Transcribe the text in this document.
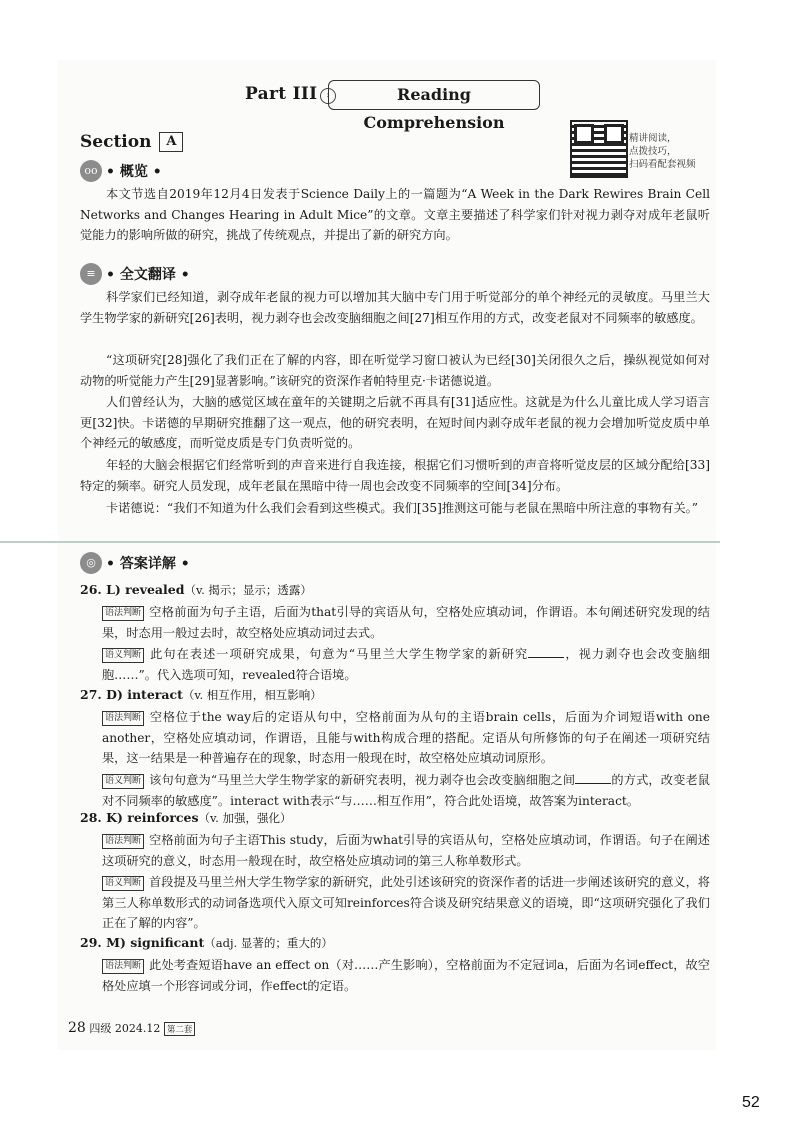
Part III ›	Reading Comprehension
Section A	精讲阅读，
点拨技巧，
扫码看配套视频
oo • 概览 •
本文节选自2019年12月4日发表于Science Daily上的一篇题为“A Week in the Dark Rewires Brain Cell Networks and Changes Hearing in Adult Mice”的文章。文章主要描述了科学家们针对视力剥夺对成年老鼠听觉能力的影响所做的研究，挑战了传统观点，并提出了新的研究方向。
≡ • 全文翻译 •
科学家们已经知道，剥夺成年老鼠的视力可以增加其大脑中专门用于听觉部分的单个神经元的灵敏度。马里兰大学生物学家的新研究[26]表明，视力剥夺也会改变脑细胞之间[27]相互作用的方式，改变老鼠对不同频率的敏感度。
“这项研究[28]强化了我们正在了解的内容，即在听觉学习窗口被认为已经[30]关闭很久之后，操纵视觉如何对动物的听觉能力产生[29]显著影响。”该研究的资深作者帕特里克·卡诺德说道。
人们曾经认为，大脑的感觉区域在童年的关键期之后就不再具有[31]适应性。这就是为什么儿童比成人学习语言更[32]快。卡诺德的早期研究推翻了这一观点，他的研究表明，在短时间内剥夺成年老鼠的视力会增加听觉皮质中单个神经元的敏感度，而听觉皮质是专门负责听觉的。
年轻的大脑会根据它们经常听到的声音来进行自我连接，根据它们习惯听到的声音将听觉皮层的区域分配给[33]特定的频率。研究人员发现，成年老鼠在黑暗中待一周也会改变不同频率的空间[34]分布。
卡诺德说：“我们不知道为什么我们会看到这些模式。我们[35]推测这可能与老鼠在黑暗中所注意的事物有关。”
◎ • 答案详解 •
26. L) revealed（v. 揭示；显示；透露）
语法判断 空格前面为句子主语，后面为that引导的宾语从句，空格处应填动词，作谓语。本句阐述研究发现的结果，时态用一般过去时，故空格处应填动词过去式。
语义判断 此句在表述一项研究成果，句意为“马里兰大学生物学家的新研究	，视力剥夺也会改变脑细胞……”。代入选项可知，revealed符合语境。
27. D) interact（v. 相互作用，相互影响）
语法判断 空格位于the way后的定语从句中，空格前面为从句的主语brain cells，后面为介词短语with one another，空格处应填动词，作谓语，且能与with构成合理的搭配。定语从句所修饰的句子在阐述一项研究结果，这一结果是一种普遍存在的现象，时态用一般现在时，故空格处应填动词原形。
语义判断 该句句意为“马里兰大学生物学家的新研究表明，视力剥夺也会改变脑细胞之间	的方式，改变老鼠对不同频率的敏感度”。interact with表示“与……相互作用”，符合此处语境，故答案为interact。
28. K) reinforces（v. 加强，强化）
语法判断 空格前面为句子主语This study，后面为what引导的宾语从句，空格处应填动词，作谓语。句子在阐述这项研究的意义，时态用一般现在时，故空格处应填动词的第三人称单数形式。
语义判断 首段提及马里兰州大学生物学家的新研究，此处引述该研究的资深作者的话进一步阐述该研究的意义，将第三人称单数形式的动词备选项代入原文可知reinforces符合谈及研究结果意义的语境，即“这项研究强化了我们正在了解的内容”。
29. M) significant（adj. 显著的；重大的）
语法判断 此处考查短语have an effect on（对……产生影响），空格前面为不定冠词a，后面为名词effect，故空格处应填一个形容词或分词，作effect的定语。
28 四级 2024.12 第二套
52
